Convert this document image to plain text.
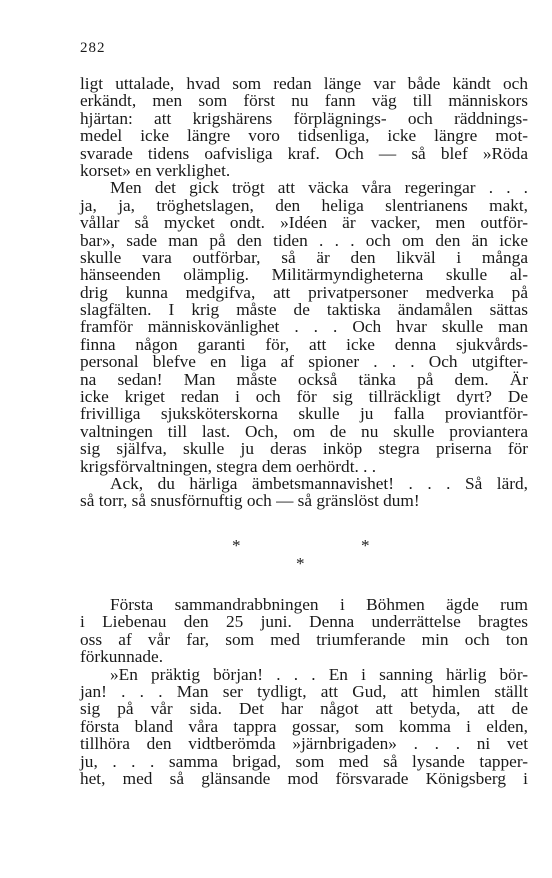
282
ligt uttalade, hvad som redan länge var både kändt och
erkändt, men som först nu fann väg till människors
hjärtan: att krigshärens förplägnings- och räddnings-
medel icke längre voro tidsenliga, icke längre mot-
svarade tidens oafvisliga kraf. Och — så blef »Röda
korset» en verklighet.
Men det gick trögt att väcka våra regeringar . . .
ja, ja, tröghetslagen, den heliga slentrianens makt,
vållar så mycket ondt. »Idéen är vacker, men outför-
bar», sade man på den tiden . . . och om den än icke
skulle vara outförbar, så är den likväl i många
hänseenden olämplig. Militärmyndigheterna skulle al-
drig kunna medgifva, att privatpersoner medverka på
slagfälten. I krig måste de taktiska ändamålen sättas
framför människovänlighet . . . Och hvar skulle man
finna någon garanti för, att icke denna sjukvårds-
personal blefve en liga af spioner . . . Och utgifter-
na sedan! Man måste också tänka på dem. Är
icke kriget redan i och för sig tillräckligt dyrt? De
frivilliga sjuksköterskorna skulle ju falla proviantför-
valtningen till last. Och, om de nu skulle proviantera
sig själfva, skulle ju deras inköp stegra priserna för
krigsförvaltningen, stegra dem oerhördt. . .
Ack, du härliga ämbetsmannavishet! . . . Så lärd,
så torr, så snusförnuftig och — så gränslöst dum!
*	*
*
Första sammandrabbningen i Böhmen ägde rum
i Liebenau den 25 juni. Denna underrättelse bragtes
oss af vår far, som med triumferande min och ton
förkunnade.
»En präktig början! . . . En i sanning härlig bör-
jan! . . . Man ser tydligt, att Gud, att himlen ställt
sig på vår sida. Det har något att betyda, att de
första bland våra tappra gossar, som komma i elden,
tillhöra den vidtberömda »järnbrigaden» . . . ni vet
ju, . . . samma brigad, som med så lysande tapper-
het, med så glänsande mod försvarade Königsberg i
